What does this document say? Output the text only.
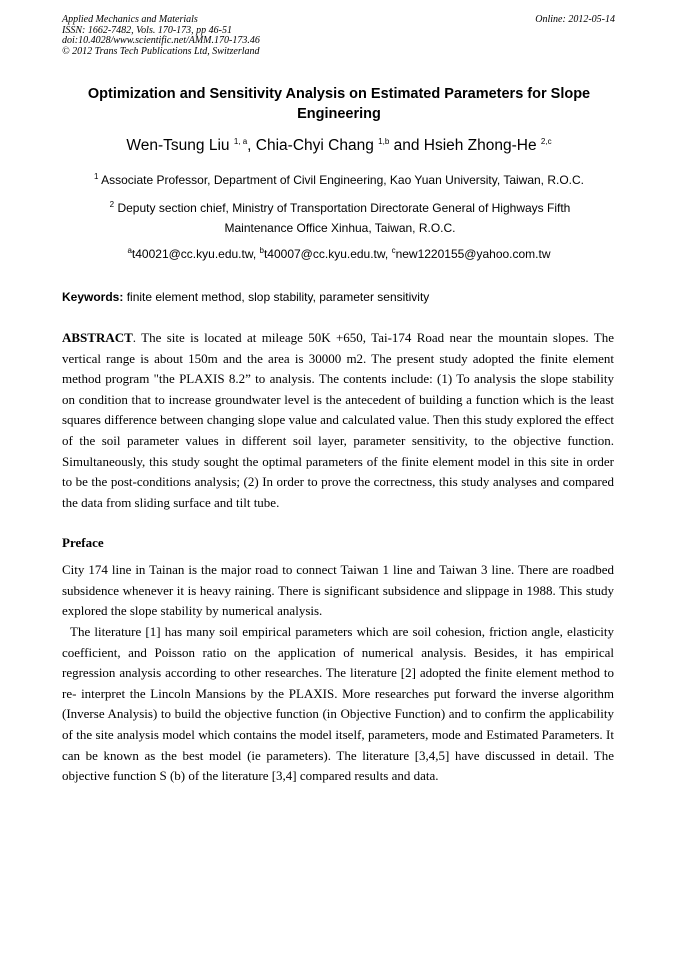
Applied Mechanics and Materials
ISSN: 1662-7482, Vols. 170-173, pp 46-51
doi:10.4028/www.scientific.net/AMM.170-173.46
© 2012 Trans Tech Publications Ltd, Switzerland
Online: 2012-05-14
Optimization and Sensitivity Analysis on Estimated Parameters for Slope Engineering
Wen-Tsung Liu $^{1, a}$, Chia-Chyi Chang $^{1,b}$ and Hsieh Zhong-He $^{2,c}$
$^1$ Associate Professor, Department of Civil Engineering, Kao Yuan University, Taiwan, R.O.C.
$^2$ Deputy section chief, Ministry of Transportation Directorate General of Highways Fifth Maintenance Office Xinhua, Taiwan, R.O.C.
$^a$t40021@cc.kyu.edu.tw, $^b$t40007@cc.kyu.edu.tw, $^c$new1220155@yahoo.com.tw
Keywords: finite element method, slop stability, parameter sensitivity

ABSTRACT. The site is located at mileage 50K +650, Tai-174 Road near the mountain slopes. The vertical range is about 150m and the area is 30000 m2. The present study adopted the finite element method program "the PLAXIS 8.2” to analysis. The contents include: (1) To analysis the slope stability on condition that to increase groundwater level is the antecedent of building a function which is the least squares difference between changing slope value and calculated value. Then this study explored the effect of the soil parameter values in different soil layer, parameter sensitivity, to the objective function. Simultaneously, this study sought the optimal parameters of the finite element model in this site in order to be the post-conditions analysis; (2) In order to prove the correctness, this study analyses and compared the data from sliding surface and tilt tube.

Preface

City 174 line in Tainan is the major road to connect Taiwan 1 line and Taiwan 3 line. There are roadbed subsidence whenever it is heavy raining. There is significant subsidence and slippage in 1988. This study explored the slope stability by numerical analysis.

The literature [1] has many soil empirical parameters which are soil cohesion, friction angle, elasticity coefficient, and Poisson ratio on the application of numerical analysis. Besides, it has empirical regression analysis according to other researches. The literature [2] adopted the finite element method to re- interpret the Lincoln Mansions by the PLAXIS. More researches put forward the inverse algorithm (Inverse Analysis) to build the objective function (in Objective Function) and to confirm the applicability of the site analysis model which contains the model itself, parameters, mode and Estimated Parameters. It can be known as the best model (ie parameters). The literature [3,4,5] have discussed in detail. The objective function S (b) of the literature [3,4] compared results and data.
